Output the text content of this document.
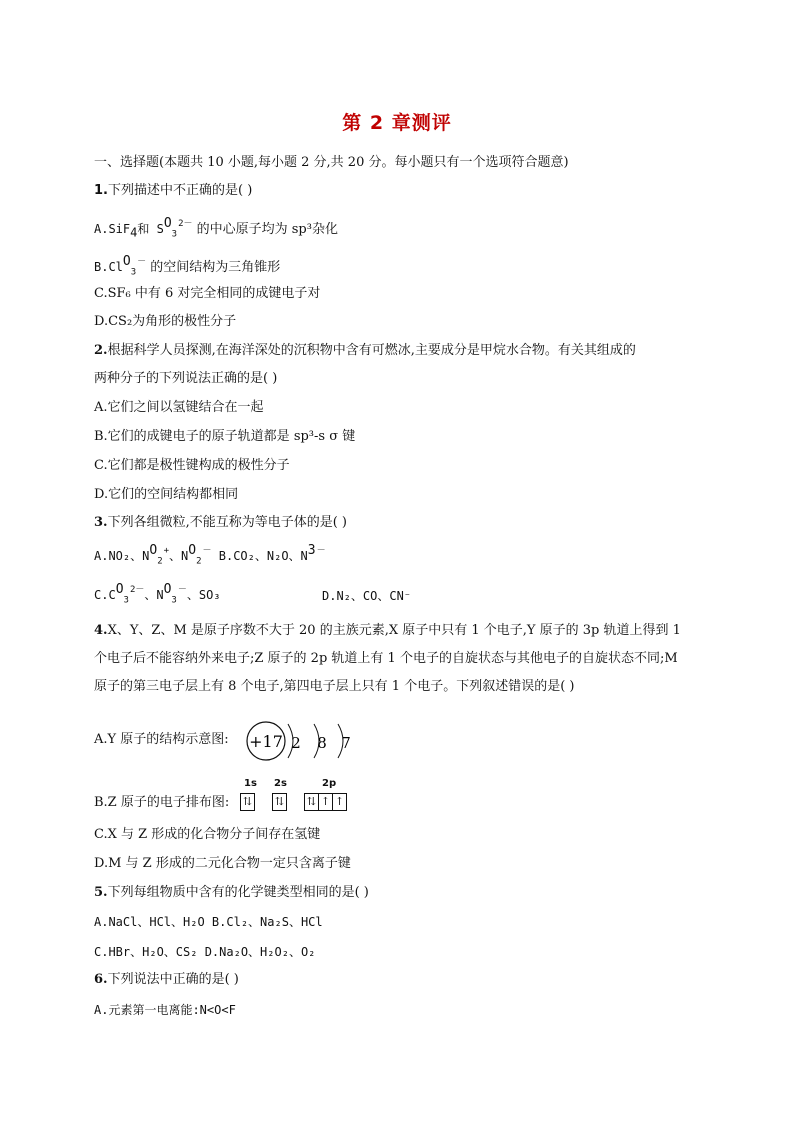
第 2 章测评
一、选择题(本题共 10 小题,每小题 2 分,共 20 分。每小题只有一个选项符合题意)
1.下列描述中不正确的是( )
A.SiF$_4$和 $SO_3^{2-}$ 的中心原子均为 sp³杂化
B.ClO$_3$－ 的空间结构为三角锥形
C.SF₆ 中有 6 对完全相同的成键电子对
D.CS₂为角形的极性分子
2.根据科学人员探测,在海洋深处的沉积物中含有可燃冰,主要成分是甲烷水合物。有关其组成的
两种分子的下列说法正确的是( )
A.它们之间以氢键结合在一起
B.它们的成键电子的原子轨道都是 sp³-s σ 键
C.它们都是极性键构成的极性分子
D.它们的空间结构都相同
3.下列各组微粒,不能互称为等电子体的是( )
A.NO₂、$NO_2^+$、$NO_2^-$ B.CO₂、N₂O、N3－
$C.CO_3^{2-}$、$NO_3^-$、SO₃	D.N₂、CO、CN⁻
4.X、Y、Z、M 是原子序数不大于 20 的主族元素,X 原子中只有 1 个电子,Y 原子的 3p 轨道上得到 1
个电子后不能容纳外来电子;Z 原子的 2p 轨道上有 1 个电子的自旋状态与其他电子的自旋状态不同;M
原子的第三电子层上有 8 个电子,第四电子层上只有 1 个电子。下列叙述错误的是( )
A.Y 原子的结构示意图: +17 2 8 7
B.Z 原子的电子排布图:
1s 2s	2p
⇅ ⇅ ⇅ ↑ ↑
C.X 与 Z 形成的化合物分子间存在氢键
D.M 与 Z 形成的二元化合物一定只含离子键
5.下列每组物质中含有的化学键类型相同的是( )
A.NaCl、HCl、H₂O B.Cl₂、Na₂S、HCl
C.HBr、H₂O、CS₂ D.Na₂O、H₂O₂、O₂
6.下列说法中正确的是( )
A.元素第一电离能:N<O<F
